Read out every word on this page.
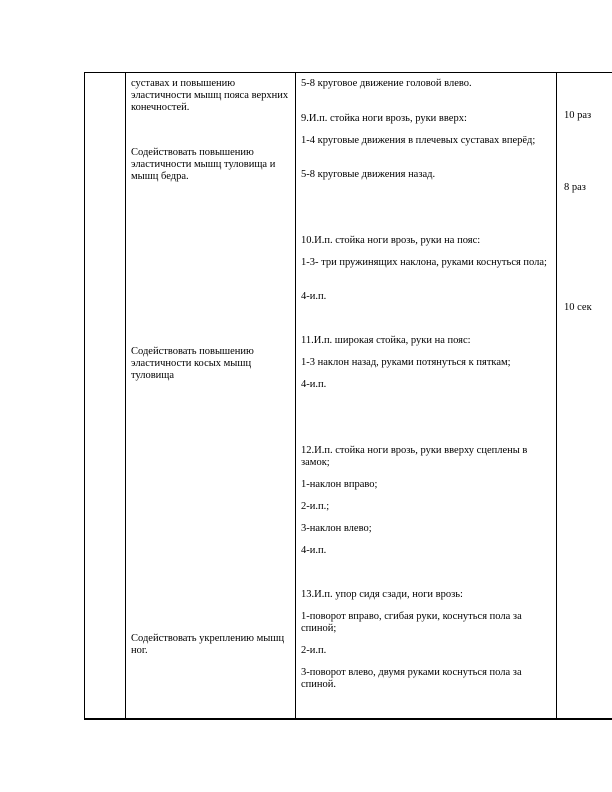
суставах и повышению эластичности мышц пояса верхних конечностей.

Содействовать повышению эластичности мышц туловища и мышц бедра.

Содействовать повышению эластичности косых мышц туловища

Содействовать укреплению мышц ног.

5-8 круговое движение головой влево.

9.И.п. стойка ноги врозь, руки вверх:

1-4 круговые движения в плечевых суставах вперёд;

5-8 круговые движения назад.

10.И.п. стойка ноги врозь, руки на пояс:

1-3- три пружинящих наклона, руками коснуться пола;

4-и.п.

11.И.п. широкая стойка, руки на пояс:

1-3 наклон назад, руками потянуться к пяткам;

4-и.п.

12.И.п. стойка ноги врозь, руки вверху сцеплены в замок;

1-наклон вправо;

2-и.п.;

3-наклон влево;

4-и.п.

13.И.п. упор сидя сзади, ноги врозь:

1-поворот вправо, сгибая руки, коснуться пола за спиной;

2-и.п.

3-поворот влево, двумя руками коснуться пола за спиной.

10 раз

8 раз

10 сек
